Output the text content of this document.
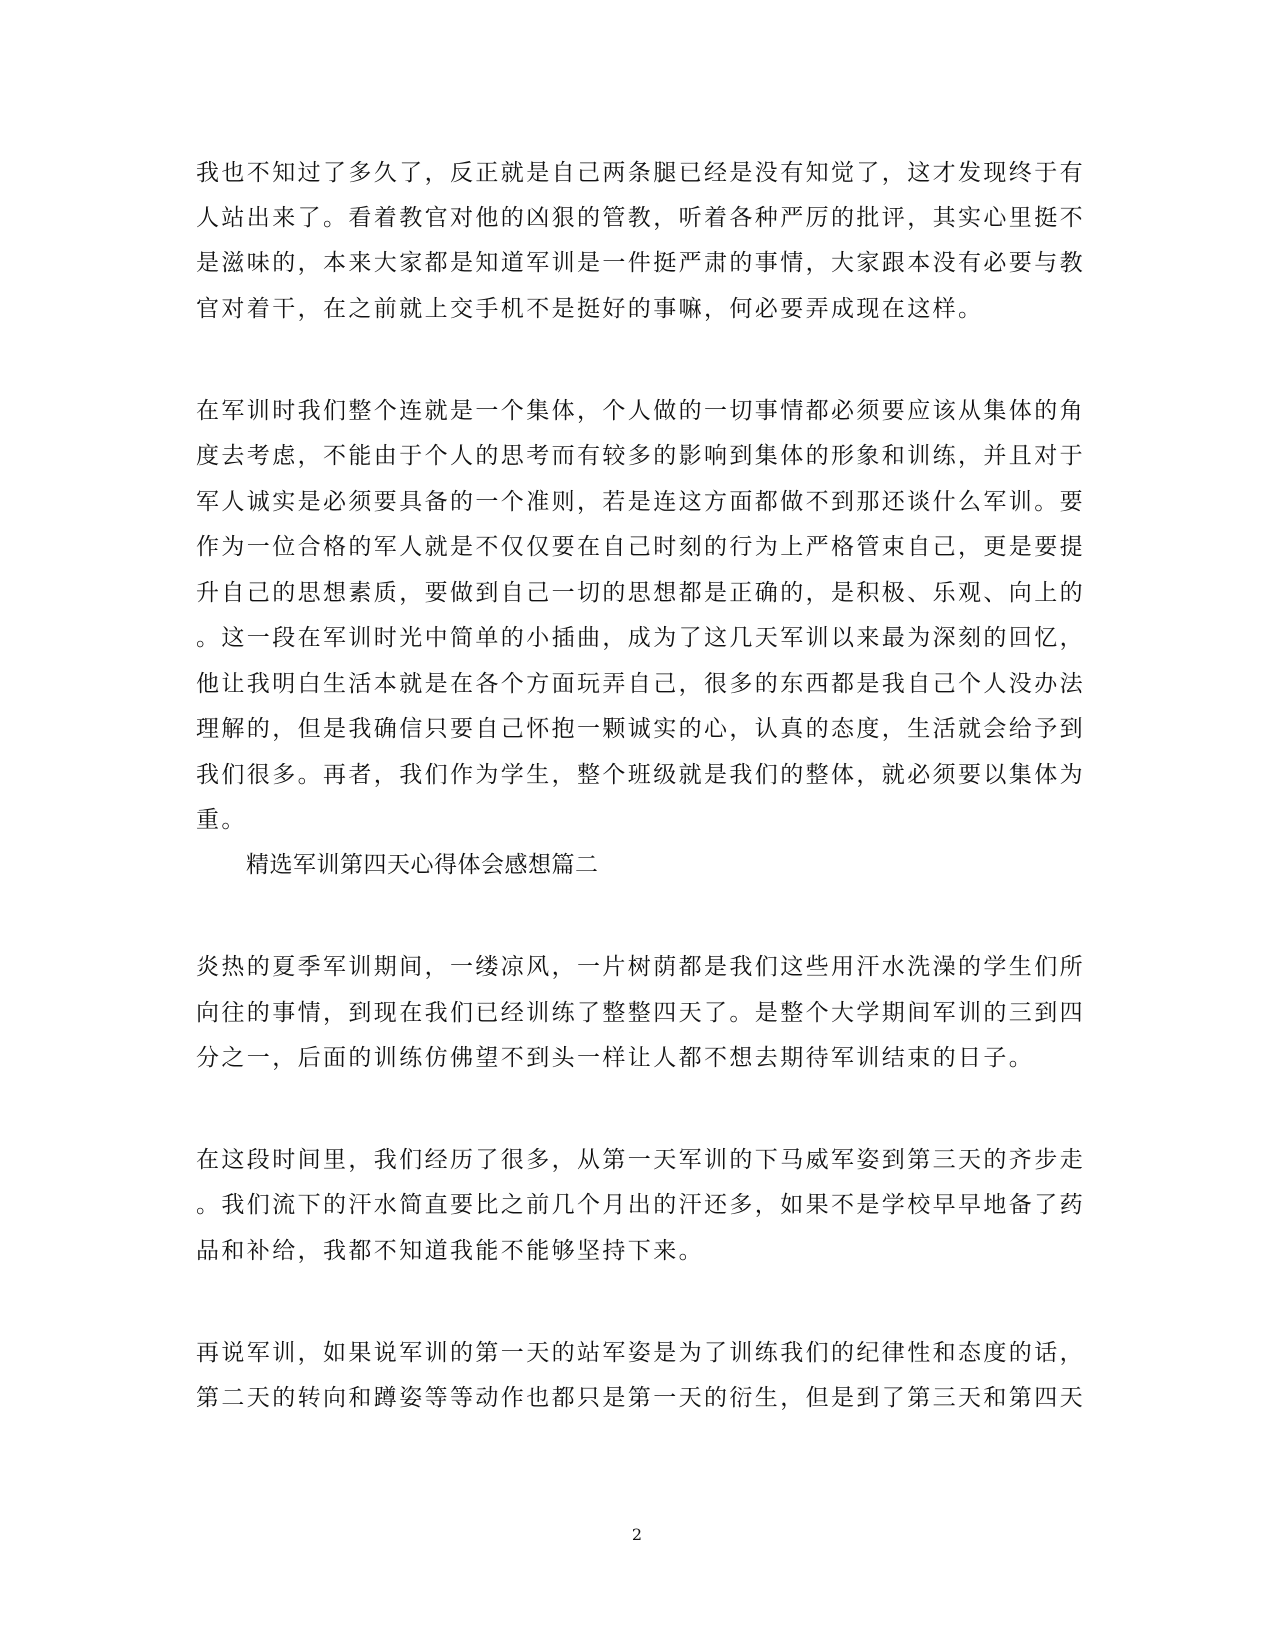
我也不知过了多久了，反正就是自己两条腿已经是没有知觉了，这才发现终于有
人站出来了。看着教官对他的凶狠的管教，听着各种严厉的批评，其实心里挺不
是滋味的，本来大家都是知道军训是一件挺严肃的事情，大家跟本没有必要与教
官对着干，在之前就上交手机不是挺好的事嘛，何必要弄成现在这样。
在军训时我们整个连就是一个集体，个人做的一切事情都必须要应该从集体的角
度去考虑，不能由于个人的思考而有较多的影响到集体的形象和训练，并且对于
军人诚实是必须要具备的一个准则，若是连这方面都做不到那还谈什么军训。要
作为一位合格的军人就是不仅仅要在自己时刻的行为上严格管束自己，更是要提
升自己的思想素质，要做到自己一切的思想都是正确的，是积极、乐观、向上的
。这一段在军训时光中简单的小插曲，成为了这几天军训以来最为深刻的回忆，
他让我明白生活本就是在各个方面玩弄自己，很多的东西都是我自己个人没办法
理解的，但是我确信只要自己怀抱一颗诚实的心，认真的态度，生活就会给予到
我们很多。再者，我们作为学生，整个班级就是我们的整体，就必须要以集体为
重。
精选军训第四天心得体会感想篇二
炎热的夏季军训期间，一缕凉风，一片树荫都是我们这些用汗水洗澡的学生们所
向往的事情，到现在我们已经训练了整整四天了。是整个大学期间军训的三到四
分之一，后面的训练仿佛望不到头一样让人都不想去期待军训结束的日子。
在这段时间里，我们经历了很多，从第一天军训的下马威军姿到第三天的齐步走
。我们流下的汗水简直要比之前几个月出的汗还多，如果不是学校早早地备了药
品和补给，我都不知道我能不能够坚持下来。
再说军训，如果说军训的第一天的站军姿是为了训练我们的纪律性和态度的话，
第二天的转向和蹲姿等等动作也都只是第一天的衍生，但是到了第三天和第四天
2
